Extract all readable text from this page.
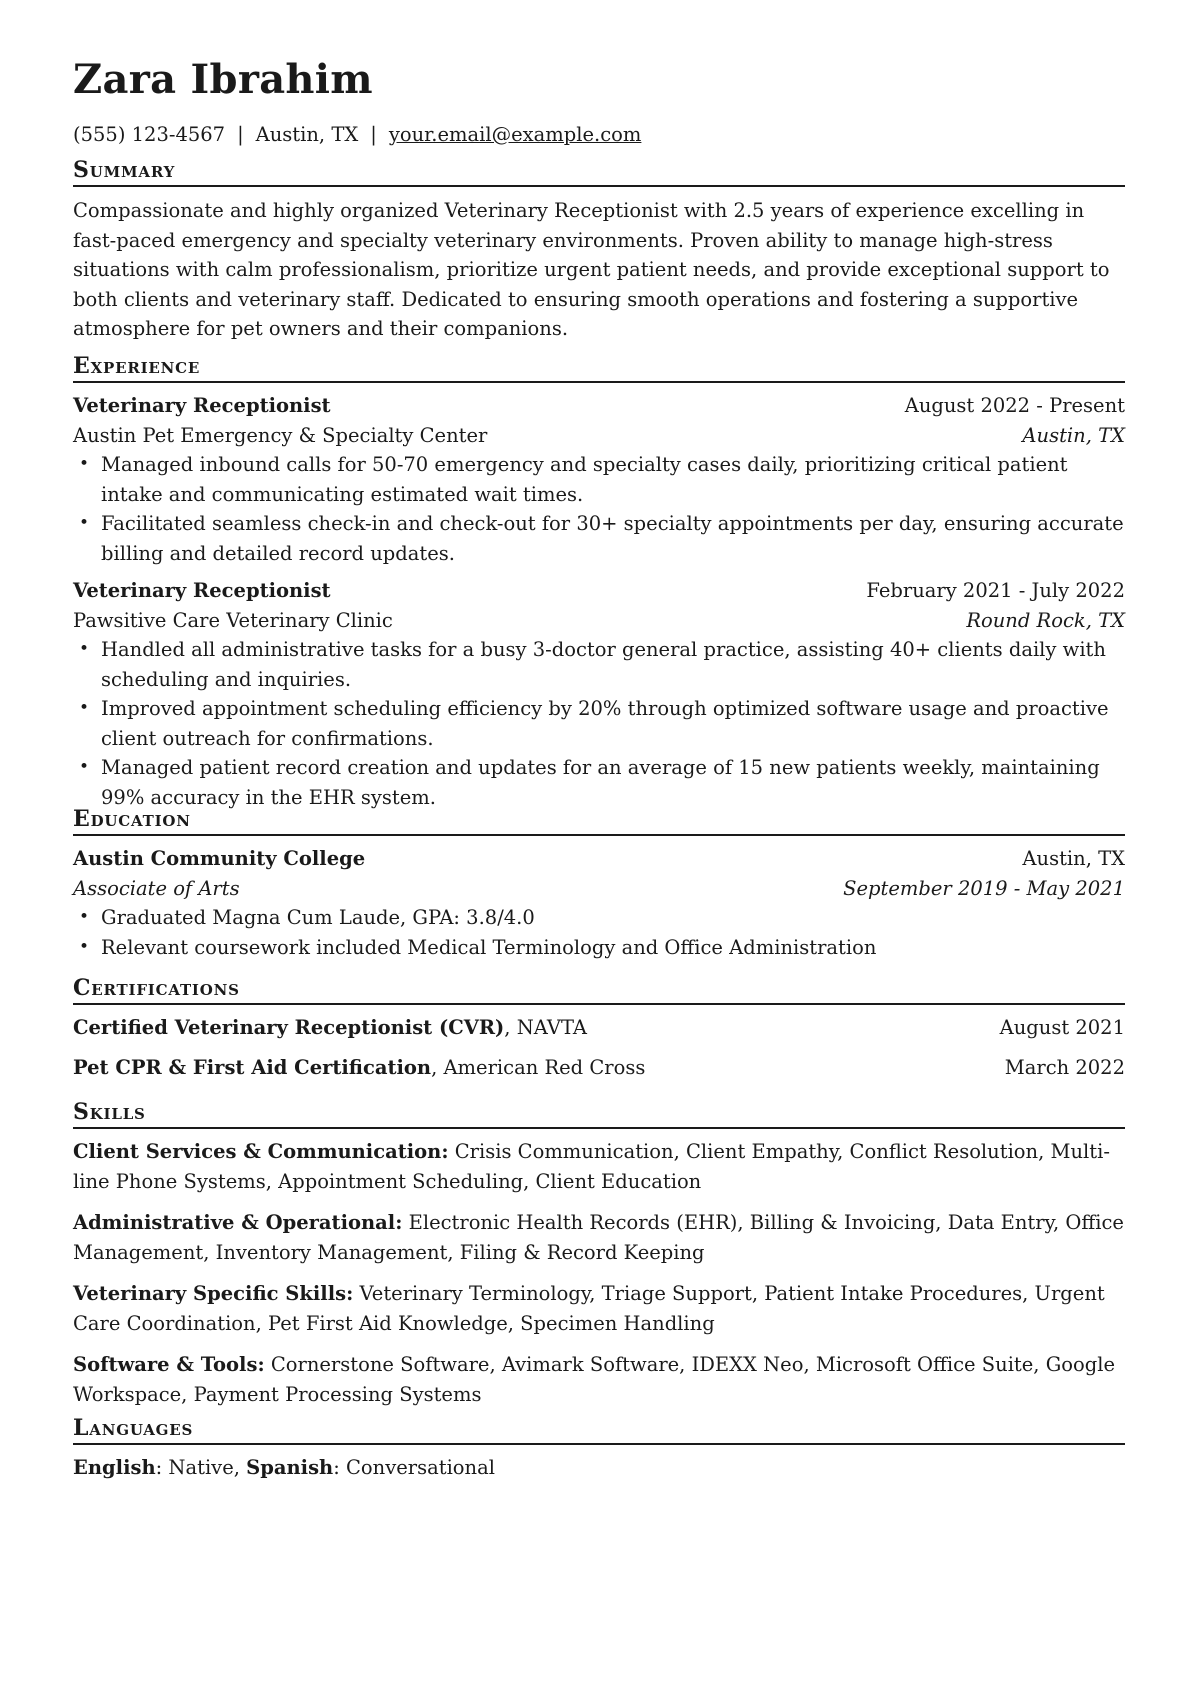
Zara Ibrahim
(555) 123-4567 | Austin, TX | your.email@example.com
Summary
Compassionate and highly organized Veterinary Receptionist with 2.5 years of experience excelling in fast-paced emergency and specialty veterinary environments. Proven ability to manage high-stress situations with calm professionalism, prioritize urgent patient needs, and provide exceptional support to both clients and veterinary staff. Dedicated to ensuring smooth operations and fostering a supportive atmosphere for pet owners and their companions.
Experience
Veterinary Receptionist	August 2022 - Present
Austin Pet Emergency & Specialty Center	Austin, TX
• Managed inbound calls for 50-70 emergency and specialty cases daily, prioritizing critical patient intake and communicating estimated wait times.
• Facilitated seamless check-in and check-out for 30+ specialty appointments per day, ensuring accurate billing and detailed record updates.
Veterinary Receptionist	February 2021 - July 2022
Pawsitive Care Veterinary Clinic	Round Rock, TX
• Handled all administrative tasks for a busy 3-doctor general practice, assisting 40+ clients daily with scheduling and inquiries.
• Improved appointment scheduling efficiency by 20% through optimized software usage and proactive client outreach for confirmations.
• Managed patient record creation and updates for an average of 15 new patients weekly, maintaining 99% accuracy in the EHR system.
Education
Austin Community College	Austin, TX
Associate of Arts	September 2019 - May 2021
• Graduated Magna Cum Laude, GPA: 3.8/4.0
• Relevant coursework included Medical Terminology and Office Administration
Certifications
Certified Veterinary Receptionist (CVR), NAVTA	August 2021
Pet CPR & First Aid Certification, American Red Cross	March 2022
Skills
Client Services & Communication: Crisis Communication, Client Empathy, Conflict Resolution, Multi-line Phone Systems, Appointment Scheduling, Client Education
Administrative & Operational: Electronic Health Records (EHR), Billing & Invoicing, Data Entry, Office Management, Inventory Management, Filing & Record Keeping
Veterinary Specific Skills: Veterinary Terminology, Triage Support, Patient Intake Procedures, Urgent Care Coordination, Pet First Aid Knowledge, Specimen Handling
Software & Tools: Cornerstone Software, Avimark Software, IDEXX Neo, Microsoft Office Suite, Google Workspace, Payment Processing Systems
Languages
English: Native, Spanish: Conversational
